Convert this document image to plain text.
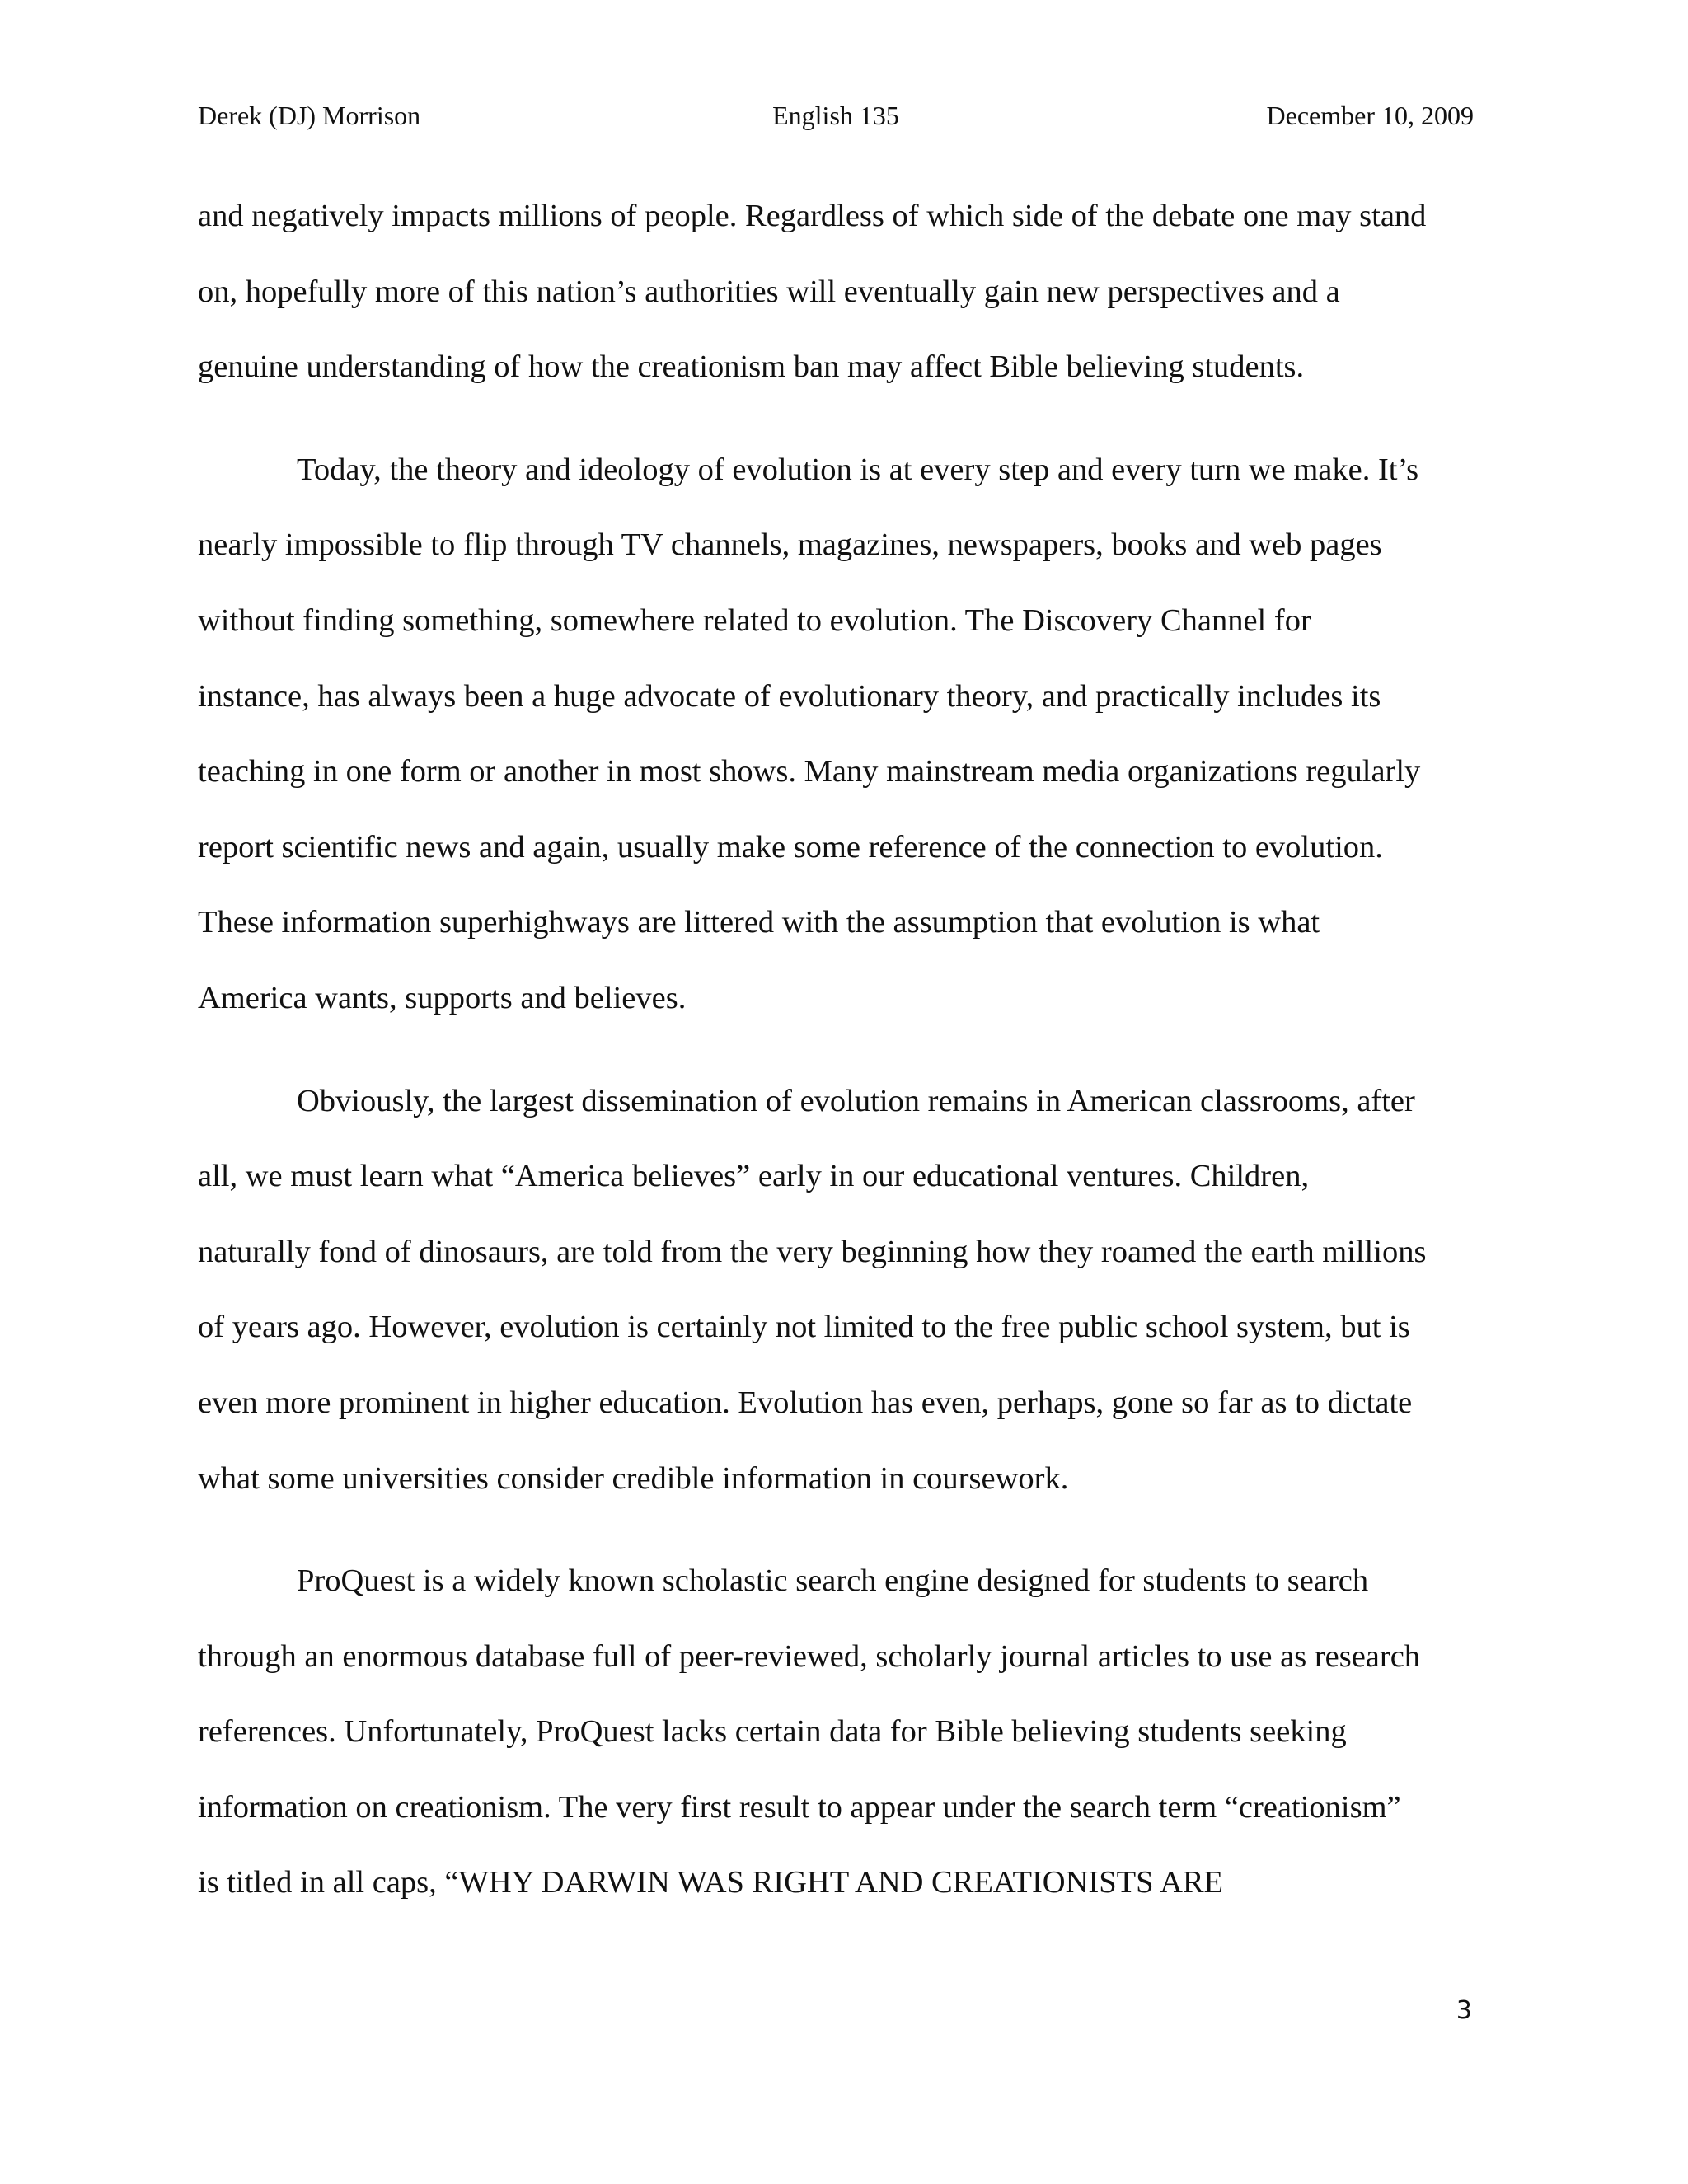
Derek (DJ) Morrison	English 135	December 10, 2009
and negatively impacts millions of people. Regardless of which side of the debate one may stand
on, hopefully more of this nation’s authorities will eventually gain new perspectives and a
genuine understanding of how the creationism ban may affect Bible believing students.
Today, the theory and ideology of evolution is at every step and every turn we make. It’s
nearly impossible to flip through TV channels, magazines, newspapers, books and web pages
without finding something, somewhere related to evolution. The Discovery Channel for
instance, has always been a huge advocate of evolutionary theory, and practically includes its
teaching in one form or another in most shows. Many mainstream media organizations regularly
report scientific news and again, usually make some reference of the connection to evolution.
These information superhighways are littered with the assumption that evolution is what
America wants, supports and believes.
Obviously, the largest dissemination of evolution remains in American classrooms, after
all, we must learn what “America believes” early in our educational ventures. Children,
naturally fond of dinosaurs, are told from the very beginning how they roamed the earth millions
of years ago. However, evolution is certainly not limited to the free public school system, but is
even more prominent in higher education. Evolution has even, perhaps, gone so far as to dictate
what some universities consider credible information in coursework.
ProQuest is a widely known scholastic search engine designed for students to search
through an enormous database full of peer-reviewed, scholarly journal articles to use as research
references. Unfortunately, ProQuest lacks certain data for Bible believing students seeking
information on creationism. The very first result to appear under the search term “creationism”
is titled in all caps, “WHY DARWIN WAS RIGHT AND CREATIONISTS ARE
3
